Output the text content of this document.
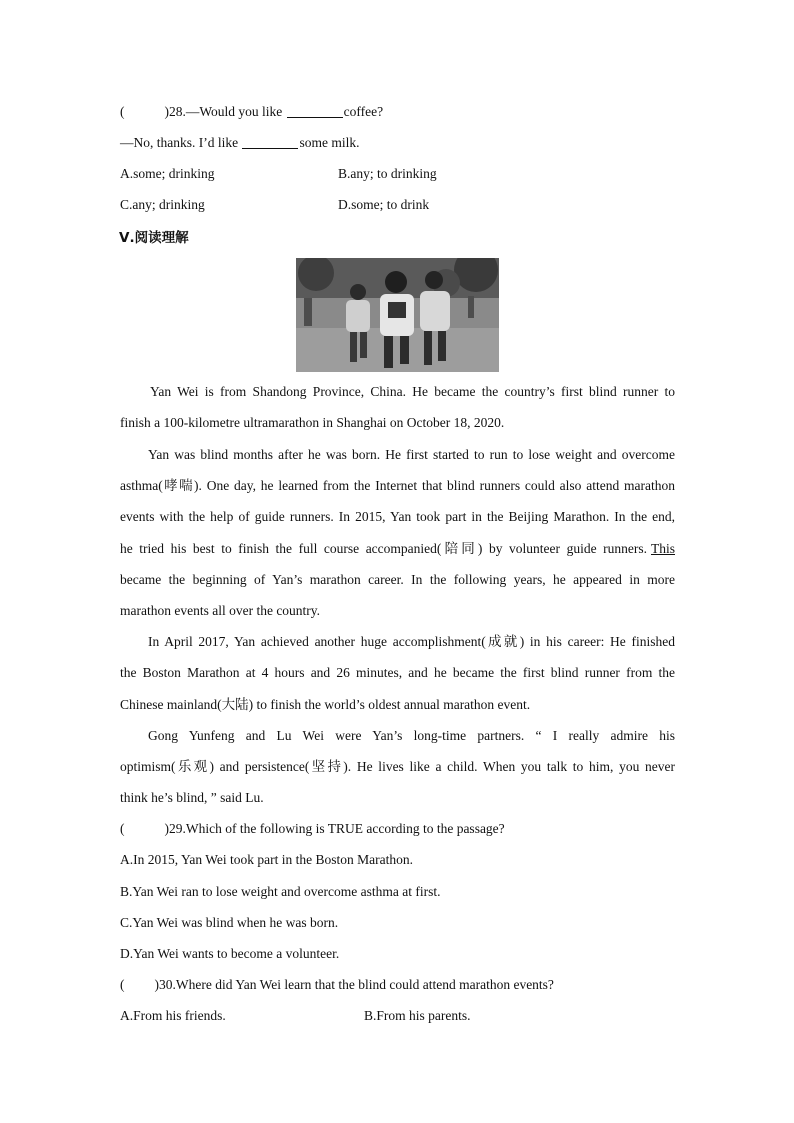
(	)28.—Would you like	coffee?
—No, thanks. I’d like	some milk.
A.some; drinking	B.any; to drinking
C.any; drinking	D.some; to drink
Ⅴ.阅读理解
Yan Wei is from Shandong Province, China. He became the country’s first blind runner to
finish a 100-kilometre ultramarathon in Shanghai on October 18, 2020.
Yan was blind months after he was born. He first started to run to lose weight and overcome
asthma(哮喘). One day, he learned from the Internet that blind runners could also attend marathon
events with the help of guide runners. In 2015, Yan took part in the Beijing Marathon. In the end,
he tried his best to finish the full course accompanied(陪同) by volunteer guide runners. This
became the beginning of Yan’s marathon career. In the following years, he appeared in more
marathon events all over the country.
In April 2017, Yan achieved another huge accomplishment(成就) in his career: He finished
the Boston Marathon at 4 hours and 26 minutes, and he became the first blind runner from the
Chinese mainland(大陆) to finish the world’s oldest annual marathon event.
Gong Yunfeng and Lu Wei were Yan’s long-time partners. “ I really admire his
optimism(乐观) and persistence(坚持). He lives like a child. When you talk to him, you never
think he’s blind, ” said Lu.
(	)29.Which of the following is TRUE according to the passage?
A.In 2015, Yan Wei took part in the Boston Marathon.
B.Yan Wei ran to lose weight and overcome asthma at first.
C.Yan Wei was blind when he was born.
D.Yan Wei wants to become a volunteer.
( )30.Where did Yan Wei learn that the blind could attend marathon events?
A.From his friends.	B.From his parents.
